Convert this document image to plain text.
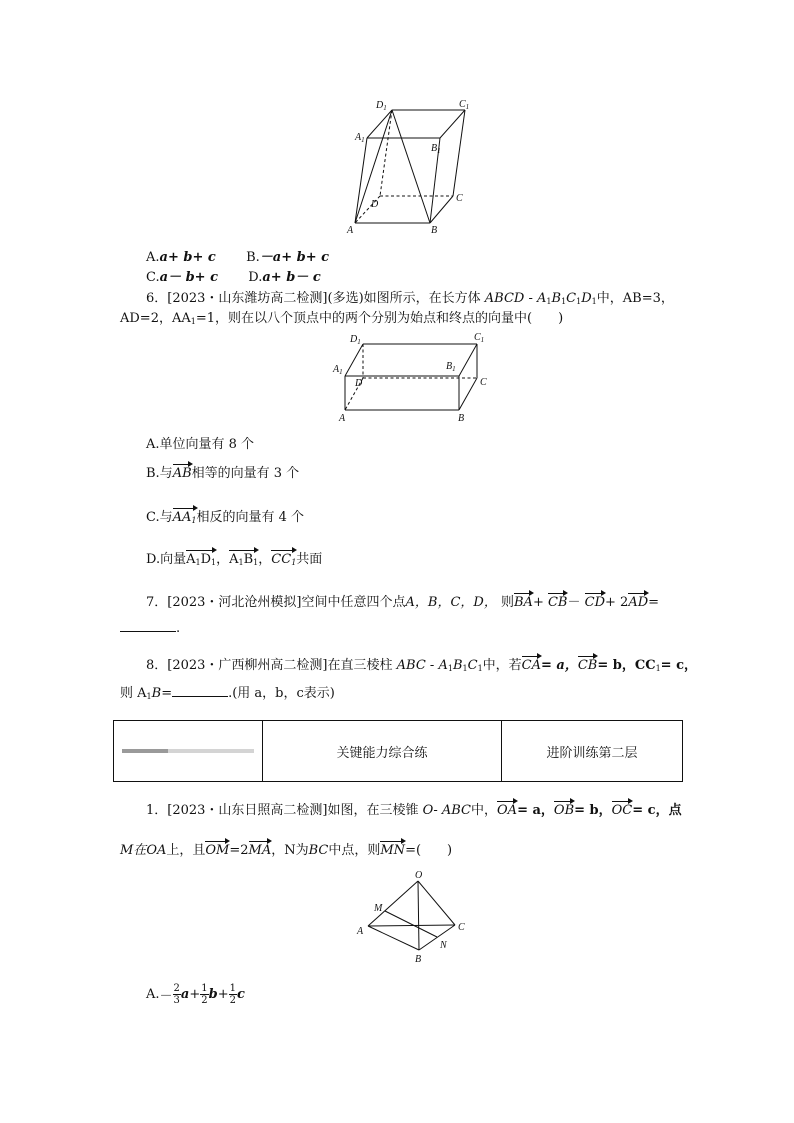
$D_1$	$C_1$
$A_1$
$B_1$
D
C
A	B
A.a+ b+ c B.－a+ b+ c
C.a－ b+ c D.a+ b－ c
6．[2023・山东潍坊高二检测](多选)如图所示，在长方体 ABCD - $A_1B_1C_1D_1$中，AB=3，
AD=2，$AA_1=1$，则在以八个顶点中的两个分别为始点和终点的向量中(　　)
$D_1$	$C_1$
$A_1$	$B_1$
D	C
A	B
A.单位向量有 8 个
B.与AB相等的向量有 3 个
C.与$AA_1$相反的向量有 4 个
D.向量$A_1D_1$，$A_1B_1$，$CC_1$共面
7．[2023・河北沧州模拟]空间中任意四个点A，B，C，D， 则BA+ CB－ CD+ 2AD=
.
8．[2023・广西柳州高二检测]在直三棱柱 ABC - $A_1B_1C_1$中，若CA= a，CB= b，$CC_1= c$，
则 $A_1B=$	.(用 a，b，c表示)
	关键能力综合练	进阶训练第二层
1．[2023・山东日照高二检测]如图，在三棱锥 O- ABC中，OA= a，OB= b，OC= c，点
M在OA上，且OM=2MA，N为BC中点，则MN=(　　)
O
M
A	C
N
B
A. － $\frac{2}{3}$ $a + \frac{1}{2}$ $b + \frac{1}{2}$ c
